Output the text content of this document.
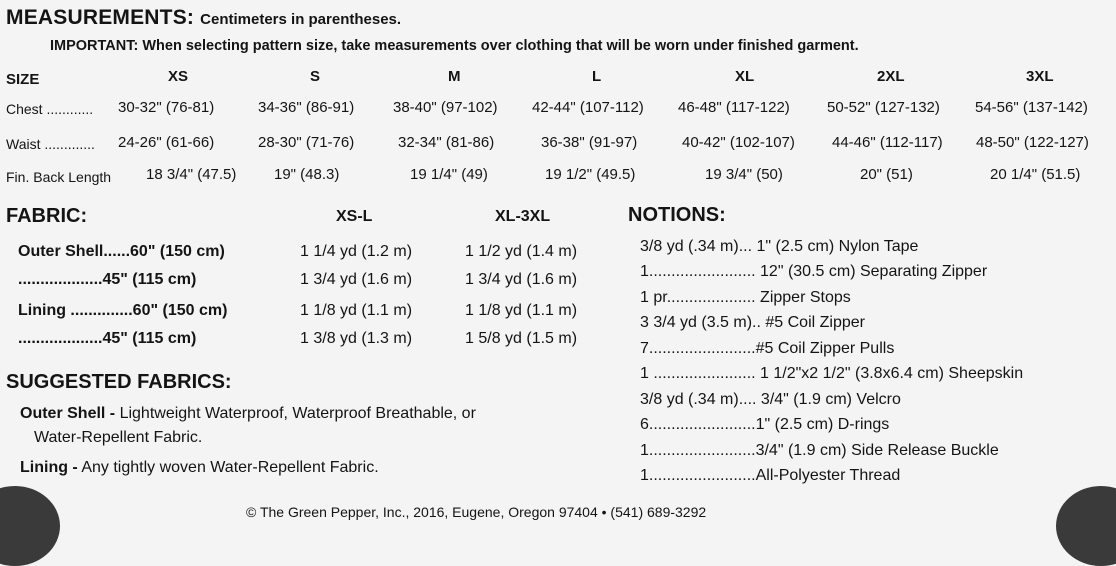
MEASUREMENTS: Centimeters in parentheses.
IMPORTANT: When selecting pattern size, take measurements over clothing that will be worn under finished garment.
SIZE	XS	S	M	L	XL	2XL	3XL
Chest ............ 30-32" (76-81)	34-36" (86-91)	38-40" (97-102) 42-44" (107-112) 46-48" (117-122) 50-52" (127-132) 54-56" (137-142)
Waist ............. 24-26" (61-66)	28-30" (71-76)	32-34" (81-86)	36-38" (91-97)	40-42" (102-107) 44-46" (112-117) 48-50" (122-127)
Fin. Back Length 18 3/4" (47.5)	19" (48.3)	19 1/4" (49)	19 1/2" (49.5)	19 3/4" (50)	20" (51)	20 1/4" (51.5)
FABRIC:	XS-L	XL-3XL
Outer Shell......60" (150 cm)	1 1/4 yd (1.2 m)	1 1/2 yd (1.4 m)
...................45" (115 cm)	1 3/4 yd (1.6 m)	1 3/4 yd (1.6 m)
Lining ..............60" (150 cm)	1 1/8 yd (1.1 m)	1 1/8 yd (1.1 m)
...................45" (115 cm)	1 3/8 yd (1.3 m)	1 5/8 yd (1.5 m)
SUGGESTED FABRICS:
Outer Shell - Lightweight Waterproof, Waterproof Breathable, or
Water-Repellent Fabric.
Lining - Any tightly woven Water-Repellent Fabric.
NOTIONS:
3/8 yd (.34 m)... 1" (2.5 cm) Nylon Tape
1........................ 12" (30.5 cm) Separating Zipper
1 pr.................... Zipper Stops
3 3/4 yd (3.5 m).. #5 Coil Zipper
7........................#5 Coil Zipper Pulls
1 ....................... 1 1/2"x2 1/2" (3.8x6.4 cm) Sheepskin
3/8 yd (.34 m).... 3/4" (1.9 cm) Velcro
6........................1" (2.5 cm) D-rings
1........................3/4" (1.9 cm) Side Release Buckle
1........................All-Polyester Thread
© The Green Pepper, Inc., 2016, Eugene, Oregon 97404 • (541) 689-3292
